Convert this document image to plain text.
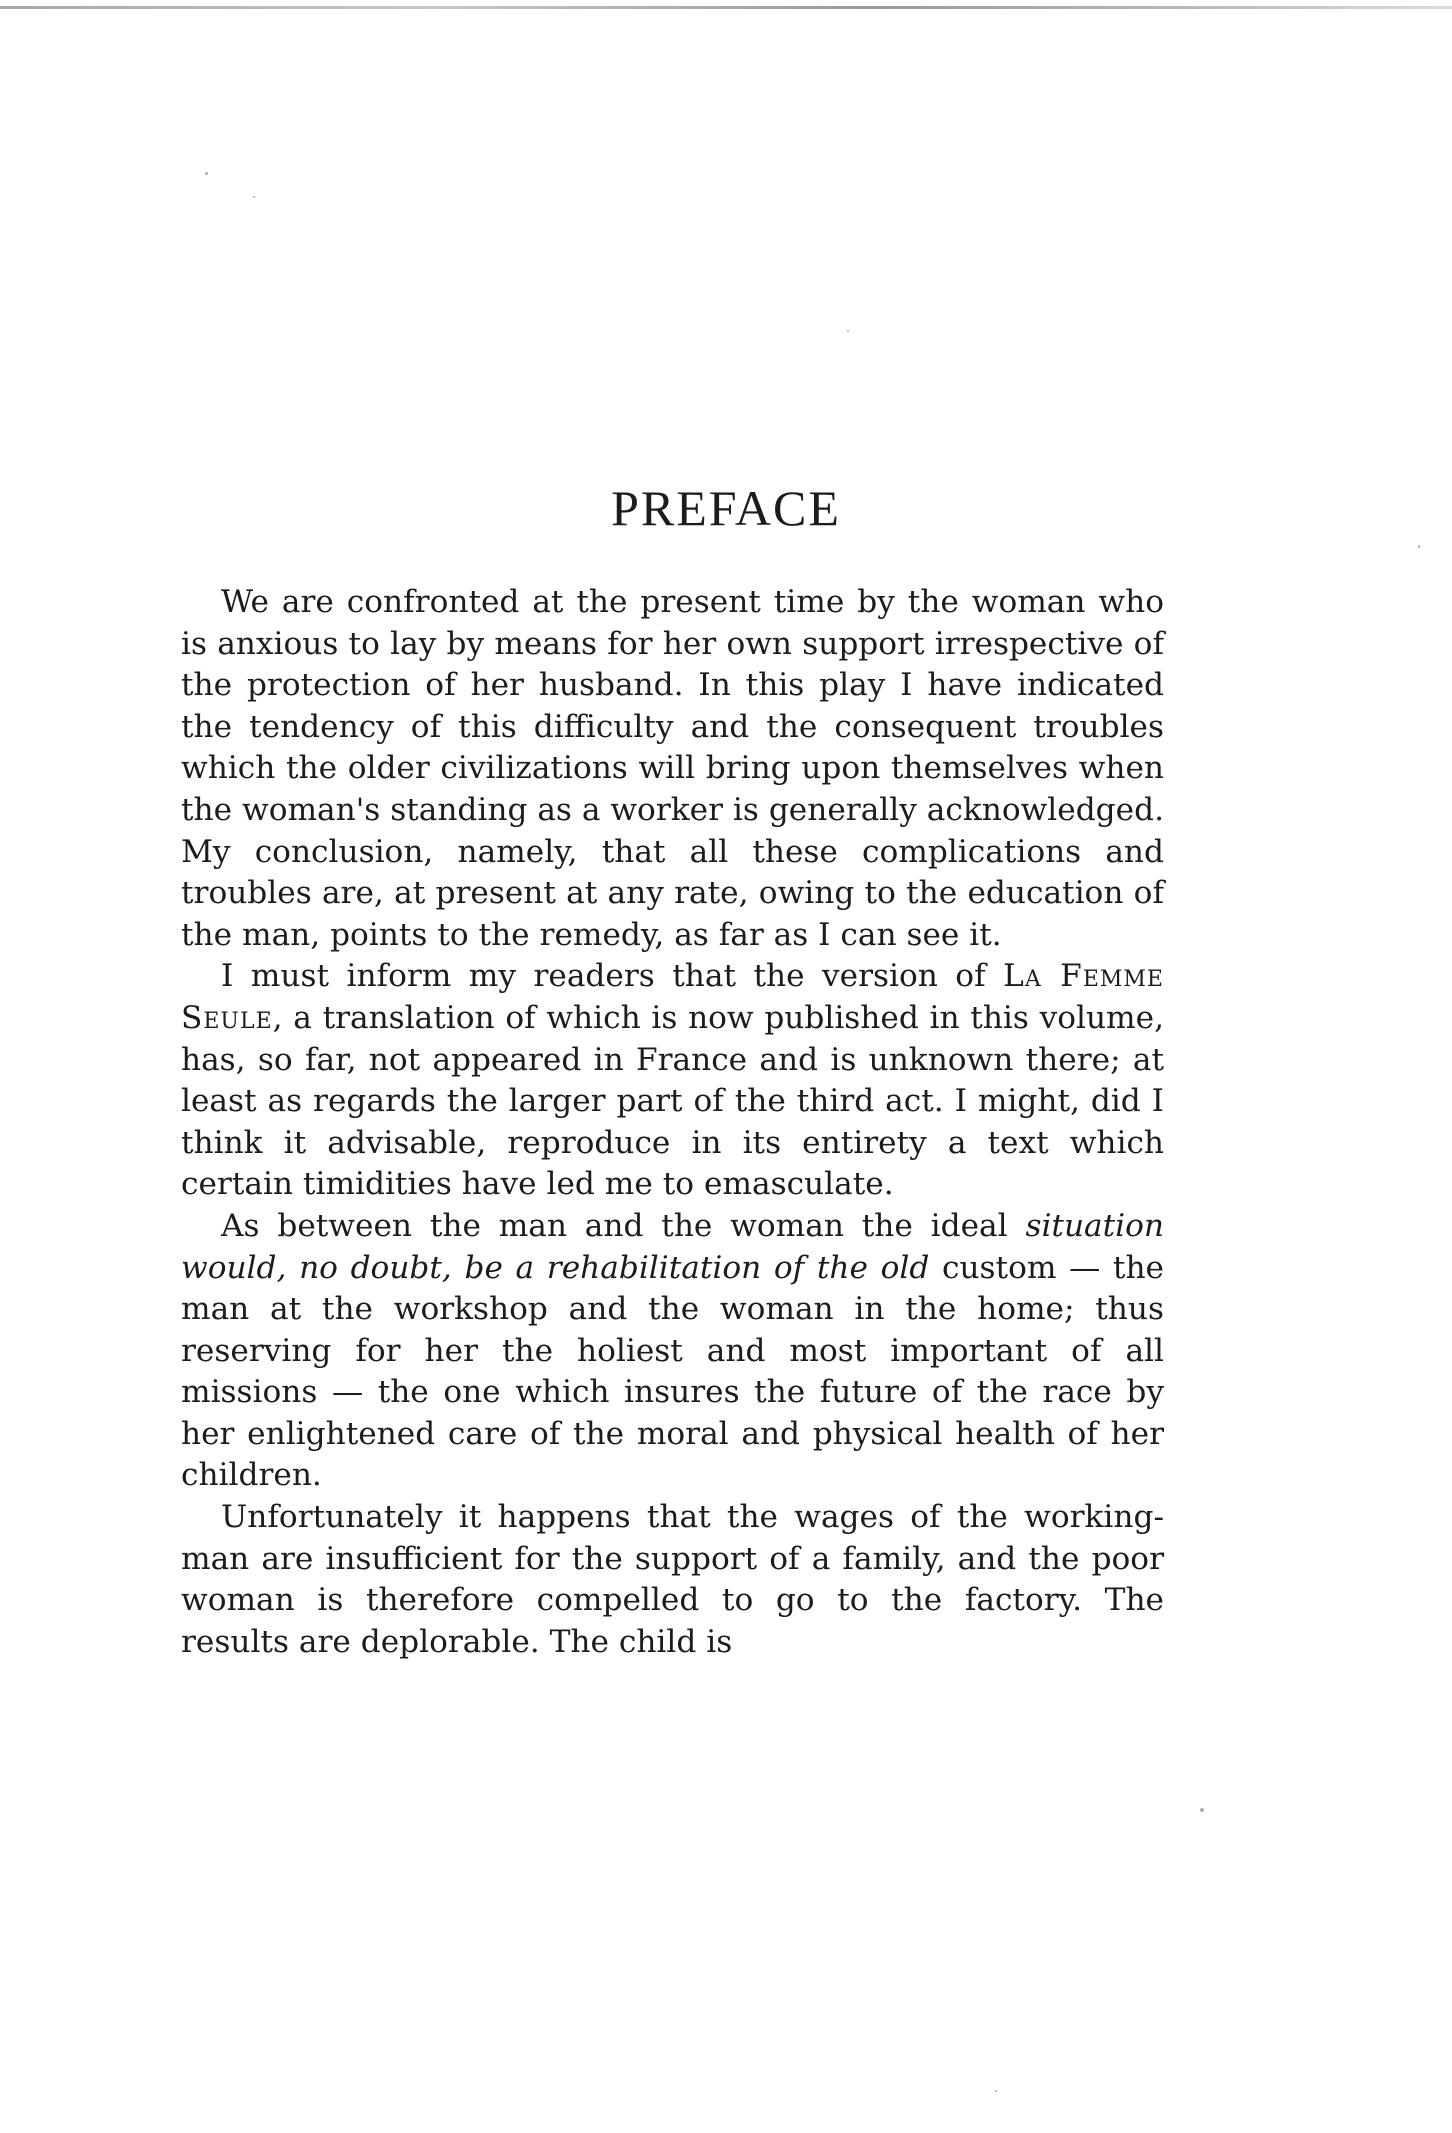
PREFACE

We are confronted at the present time by the woman who is anxious to lay by means for her own support irrespective of the protection of her husband. In this play I have indicated the tendency of this difficulty and the consequent troubles which the older civilizations will bring upon themselves when the woman's standing as a worker is generally acknowledged. My conclusion, namely, that all these complications and troubles are, at present at any rate, owing to the education of the man, points to the remedy, as far as I can see it.

I must inform my readers that the version of La Femme Seule, a translation of which is now published in this volume, has, so far, not appeared in France and is unknown there; at least as regards the larger part of the third act. I might, did I think it advisable, reproduce in its entirety a text which certain timidities have led me to emasculate.

As between the man and the woman the ideal situation would, no doubt, be a rehabilitation of the old custom — the man at the workshop and the woman in the home; thus reserving for her the holiest and most important of all missions — the one which insures the future of the race by her enlightened care of the moral and physical health of her children.

Unfortunately it happens that the wages of the working-man are insufficient for the support of a family, and the poor woman is therefore compelled to go to the factory. The results are deplorable. The child is
